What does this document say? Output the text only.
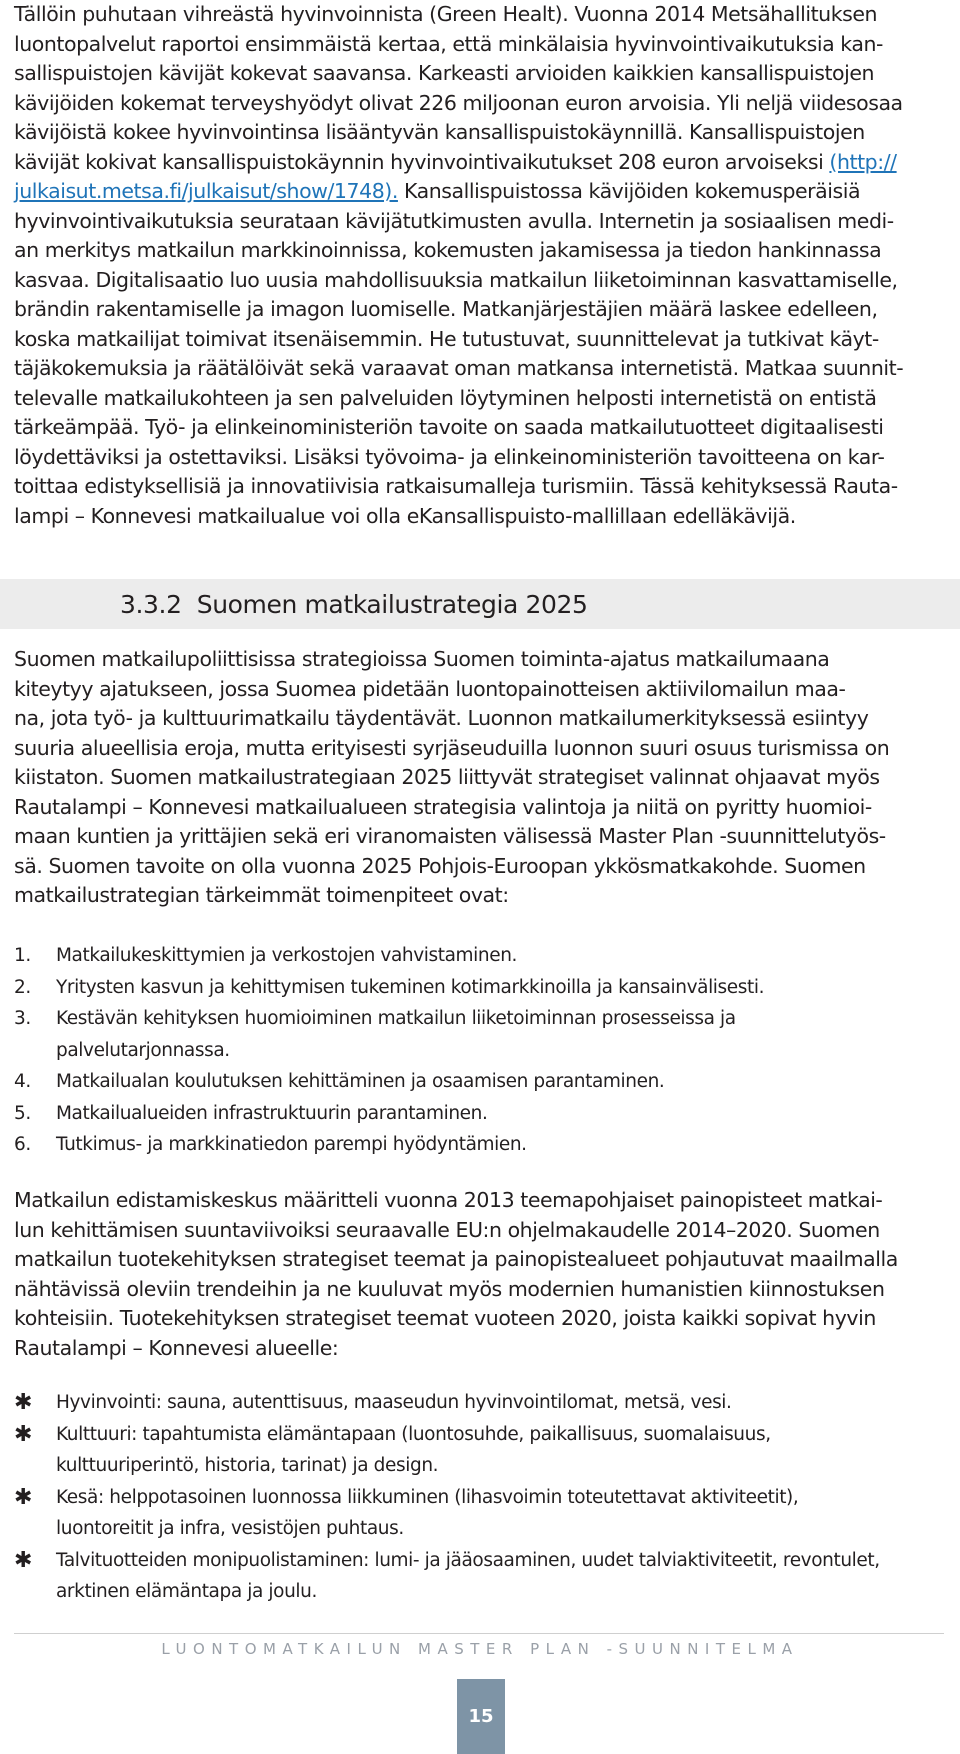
Tällöin puhutaan vihreästä hyvinvoinnista (Green Healt). Vuonna 2014 Metsähallituksen
luontopalvelut raportoi ensimmäistä kertaa, että minkälaisia hyvinvointivaikutuksia kan-
sallispuistojen kävijät kokevat saavansa. Karkeasti arvioiden kaikkien kansallispuistojen
kävijöiden kokemat terveyshyödyt olivat 226 miljoonan euron arvoisia. Yli neljä viidesosaa
kävijöistä kokee hyvinvointinsa lisääntyvän kansallispuistokäynnillä. Kansallispuistojen
kävijät kokivat kansallispuistokäynnin hyvinvointivaikutukset 208 euron arvoiseksi (http://
julkaisut.metsa.fi/julkaisut/show/1748). Kansallispuistossa kävijöiden kokemusperäisiä
hyvinvointivaikutuksia seurataan kävijätutkimusten avulla. Internetin ja sosiaalisen medi-
an merkitys matkailun markkinoinnissa, kokemusten jakamisessa ja tiedon hankinnassa
kasvaa. Digitalisaatio luo uusia mahdollisuuksia matkailun liiketoiminnan kasvattamiselle,
brändin rakentamiselle ja imagon luomiselle. Matkanjärjestäjien määrä laskee edelleen,
koska matkailijat toimivat itsenäisemmin. He tutustuvat, suunnittelevat ja tutkivat käyt-
täjäkokemuksia ja räätälöivät sekä varaavat oman matkansa internetistä. Matkaa suunnit-
televalle matkailukohteen ja sen palveluiden löytyminen helposti internetistä on entistä
tärkeämpää. Työ- ja elinkeinoministeriön tavoite on saada matkailutuotteet digitaalisesti
löydettäviksi ja ostettaviksi. Lisäksi työvoima- ja elinkeinoministeriön tavoitteena on kar-
toittaa edistyksellisiä ja innovatiivisia ratkaisumalleja turismiin. Tässä kehityksessä Rauta-
lampi – Konnevesi matkailualue voi olla eKansallispuisto-mallillaan edelläkävijä.
3.3.2 Suomen matkailustrategia 2025
Suomen matkailupoliittisissa strategioissa Suomen toiminta-ajatus matkailumaana
kiteytyy ajatukseen, jossa Suomea pidetään luontopainotteisen aktiivilomailun maa-
na, jota työ- ja kulttuurimatkailu täydentävät. Luonnon matkailumerkityksessä esiintyy
suuria alueellisia eroja, mutta erityisesti syrjäseuduilla luonnon suuri osuus turismissa on
kiistaton. Suomen matkailustrategiaan 2025 liittyvät strategiset valinnat ohjaavat myös
Rautalampi – Konnevesi matkailualueen strategisia valintoja ja niitä on pyritty huomioi-
maan kuntien ja yrittäjien sekä eri viranomaisten välisessä Master Plan -suunnittelutyös-
sä. Suomen tavoite on olla vuonna 2025 Pohjois-Euroopan ykkösmatkakohde. Suomen
matkailustrategian tärkeimmät toimenpiteet ovat:
1. Matkailukeskittymien ja verkostojen vahvistaminen.
2. Yritysten kasvun ja kehittymisen tukeminen kotimarkkinoilla ja kansainvälisesti.
3. Kestävän kehityksen huomioiminen matkailun liiketoiminnan prosesseissa ja
palvelutarjonnassa.
4. Matkailualan koulutuksen kehittäminen ja osaamisen parantaminen.
5. Matkailualueiden infrastruktuurin parantaminen.
6. Tutkimus- ja markkinatiedon parempi hyödyntämien.
Matkailun edistamiskeskus määritteli vuonna 2013 teemapohjaiset painopisteet matkai-
lun kehittämisen suuntaviivoiksi seuraavalle EU:n ohjelmakaudelle 2014–2020. Suomen
matkailun tuotekehityksen strategiset teemat ja painopistealueet pohjautuvat maailmalla
nähtävissä oleviin trendeihin ja ne kuuluvat myös modernien humanistien kiinnostuksen
kohteisiin. Tuotekehityksen strategiset teemat vuoteen 2020, joista kaikki sopivat hyvin
Rautalampi – Konnevesi alueelle:
✱ Hyvinvointi: sauna, autenttisuus, maaseudun hyvinvointilomat, metsä, vesi.
✱ Kulttuuri: tapahtumista elämäntapaan (luontosuhde, paikallisuus, suomalaisuus,
kulttuuriperintö, historia, tarinat) ja design.
✱ Kesä: helppotasoinen luonnossa liikkuminen (lihasvoimin toteutettavat aktiviteetit),
luontoreitit ja infra, vesistöjen puhtaus.
✱ Talvituotteiden monipuolistaminen: lumi- ja jääosaaminen, uudet talviaktiviteetit, revontulet,
arktinen elämäntapa ja joulu.
LUONTOMATKAILUN MASTER PLAN -SUUNNITELMA
15
